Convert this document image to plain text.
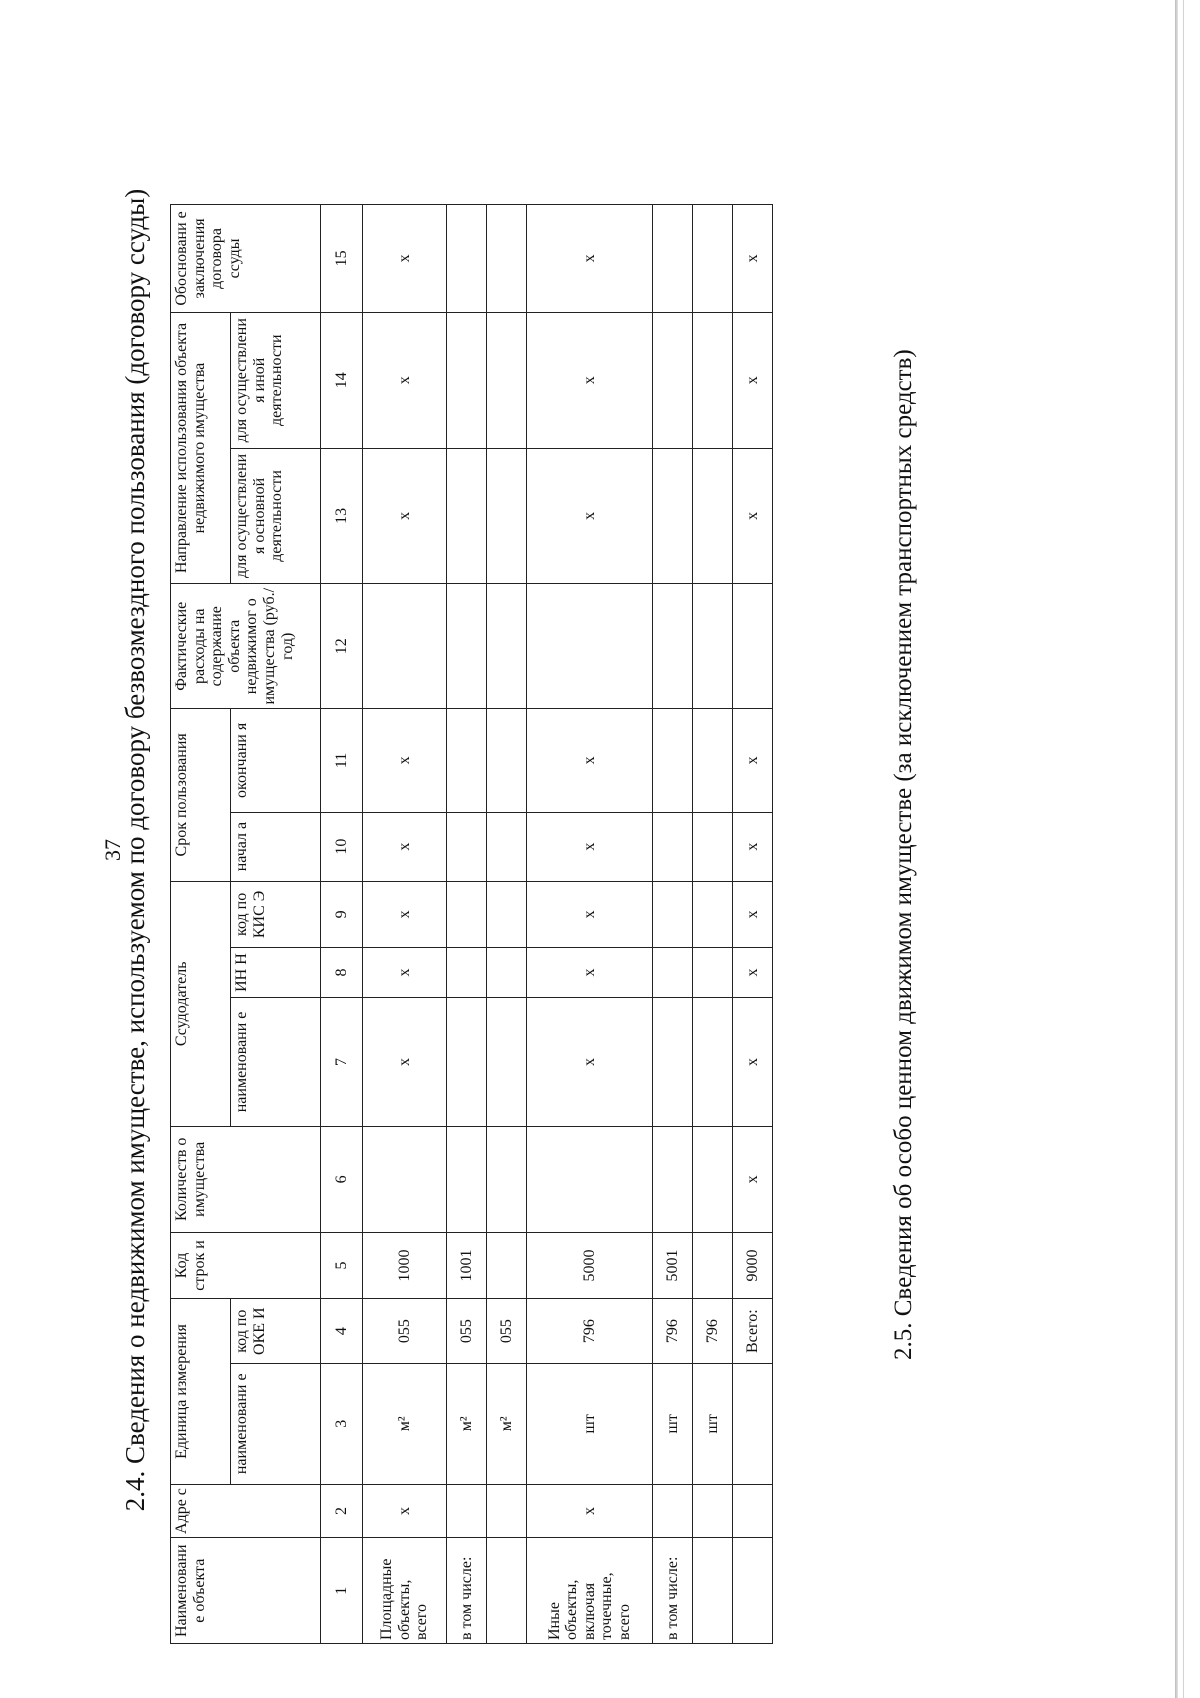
37
2.4. Сведения о недвижимом имуществе, используемом по договору безвозмездного пользования (договору ссуды)
Наименовани е объекта	Адре с	Единица измерения		Код строк и	Количеств о имущества	Ссудодатель			Срок пользования		Фактические расходы на содержание объекта недвижимог о имущества (руб./год)	Направление использования объекта недвижимого имущества		Обосновани е заключения договора ссуды
		наименовани е	код по ОКЕ И			наименовани е	ИН Н	код по КИС Э	начал а	окончани я		для осуществлени я основной деятельности	для осуществлени я иной деятельности	
1	2	3	4	5	6	7	8	9	10	11	12	13	14	15
Площадные объекты, всего	x	м²	055	1000		x	x	x	x	x		x	x	x
в том числе:		м²	055	1001										
		м²	055											
Иные объекты, включая точечные, всего	x	шт	796	5000		x	x	x	x	x		x	x	x
в том числе:		шт	796	5001										
		шт	796											
			Всего:	9000	x	x	x	x	x	x		x	x	x
2.5. Сведения об особо ценном движимом имуществе (за исключением транспортных средств)
